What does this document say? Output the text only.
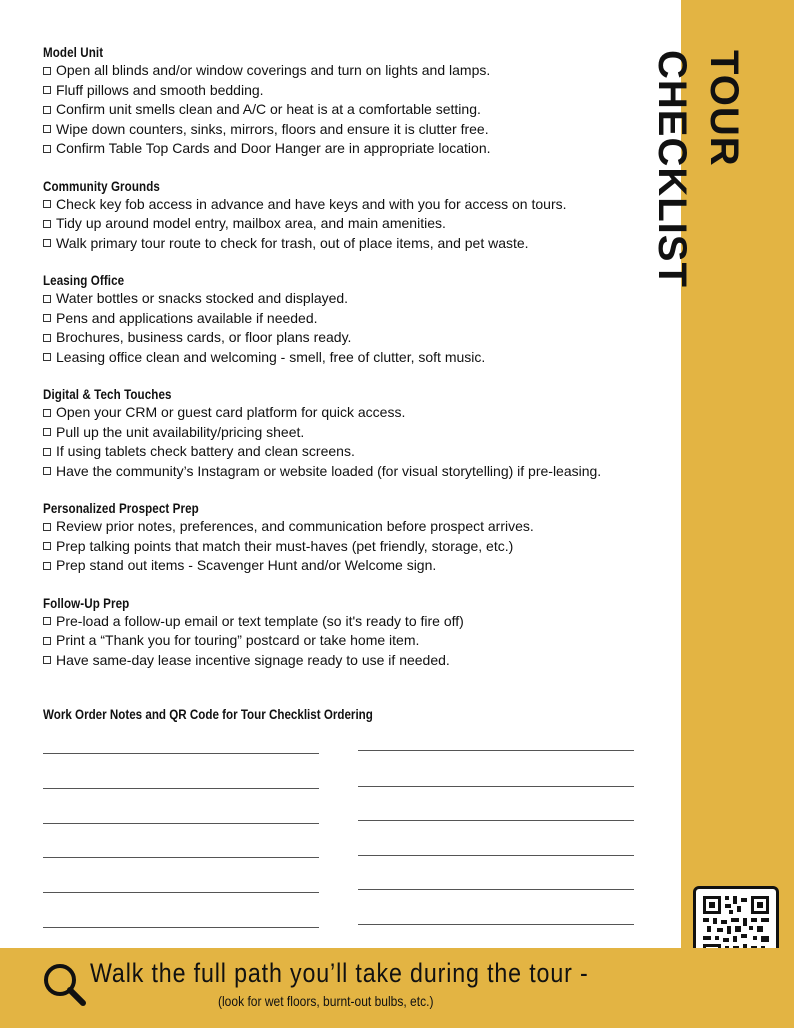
Model Unit
Open all blinds and/or window coverings and turn on lights and lamps.
Fluff pillows and smooth bedding.
Confirm unit smells clean and A/C or heat is at a comfortable setting.
Wipe down counters, sinks, mirrors, floors and ensure it is clutter free.
Confirm Table Top Cards and Door Hanger are in appropriate location.
Community Grounds
Check key fob access in advance and have keys and with you for access on tours.
Tidy up around model entry, mailbox area, and main amenities.
Walk primary tour route to check for trash, out of place items, and pet waste.
Leasing Office
Water bottles or snacks stocked and displayed.
Pens and applications available if needed.
Brochures, business cards, or floor plans ready.
Leasing office clean and welcoming - smell, free of clutter, soft music.
Digital & Tech Touches
Open your CRM or guest card platform for quick access.
Pull up the unit availability/pricing sheet.
If using tablets check battery and clean screens.
Have the community’s Instagram or website loaded (for visual storytelling) if pre-leasing.
Personalized Prospect Prep
Review prior notes, preferences, and communication before prospect arrives.
Prep talking points that match their must-haves (pet friendly, storage, etc.)
Prep stand out items - Scavenger Hunt and/or Welcome sign.
Follow-Up Prep
Pre-load a follow-up email or text template (so it's ready to fire off)
Print a “Thank you for touring” postcard or take home item.
Have same-day lease incentive signage ready to use if needed.
Work Order Notes and QR Code for Tour Checklist Ordering
TOUR CHECKLIST
Walk the full path you’ll take during the tour -
(look for wet floors, burnt-out bulbs, etc.)
